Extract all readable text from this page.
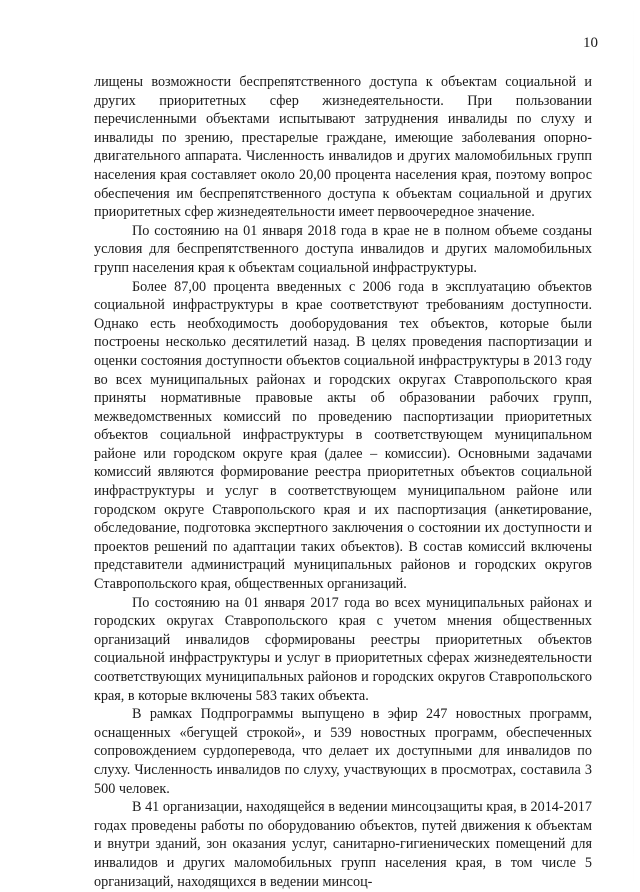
10

лищены возможности беспрепятственного доступа к объектам социальной и других приоритетных сфер жизнедеятельности. При пользовании перечисленными объектами испытывают затруднения инвалиды по слуху и инвалиды по зрению, престарелые граждане, имеющие заболевания опорно-двигательного аппарата. Численность инвалидов и других маломобильных групп населения края составляет около 20,00 процента населения края, поэтому вопрос обеспечения им беспрепятственного доступа к объектам социальной и других приоритетных сфер жизнедеятельности имеет первоочередное значение.

По состоянию на 01 января 2018 года в крае не в полном объеме созданы условия для беспрепятственного доступа инвалидов и других маломобильных групп населения края к объектам социальной инфраструктуры.

Более 87,00 процента введенных с 2006 года в эксплуатацию объектов социальной инфраструктуры в крае соответствуют требованиям доступности. Однако есть необходимость дооборудования тех объектов, которые были построены несколько десятилетий назад. В целях проведения паспортизации и оценки состояния доступности объектов социальной инфраструктуры в 2013 году во всех муниципальных районах и городских округах Ставропольского края приняты нормативные правовые акты об образовании рабочих групп, межведомственных комиссий по проведению паспортизации приоритетных объектов социальной инфраструктуры в соответствующем муниципальном районе или городском округе края (далее – комиссии). Основными задачами комиссий являются формирование реестра приоритетных объектов социальной инфраструктуры и услуг в соответствующем муниципальном районе или городском округе Ставропольского края и их паспортизация (анкетирование, обследование, подготовка экспертного заключения о состоянии их доступности и проектов решений по адаптации таких объектов). В состав комиссий включены представители администраций муниципальных районов и городских округов Ставропольского края, общественных организаций.

По состоянию на 01 января 2017 года во всех муниципальных районах и городских округах Ставропольского края с учетом мнения общественных организаций инвалидов сформированы реестры приоритетных объектов социальной инфраструктуры и услуг в приоритетных сферах жизнедеятельности соответствующих муниципальных районов и городских округов Ставропольского края, в которые включены 583 таких объекта.

В рамках Подпрограммы выпущено в эфир 247 новостных программ, оснащенных «бегущей строкой», и 539 новостных программ, обеспеченных сопровождением сурдоперевода, что делает их доступными для инвалидов по слуху. Численность инвалидов по слуху, участвующих в просмотрах, составила 3 500 человек.

В 41 организации, находящейся в ведении минсоцзащиты края, в 2014-2017 годах проведены работы по оборудованию объектов, путей движения к объектам и внутри зданий, зон оказания услуг, санитарно-гигиенических помещений для инвалидов и других маломобильных групп населения края, в том числе 5 организаций, находящихся в ведении минсоц-
